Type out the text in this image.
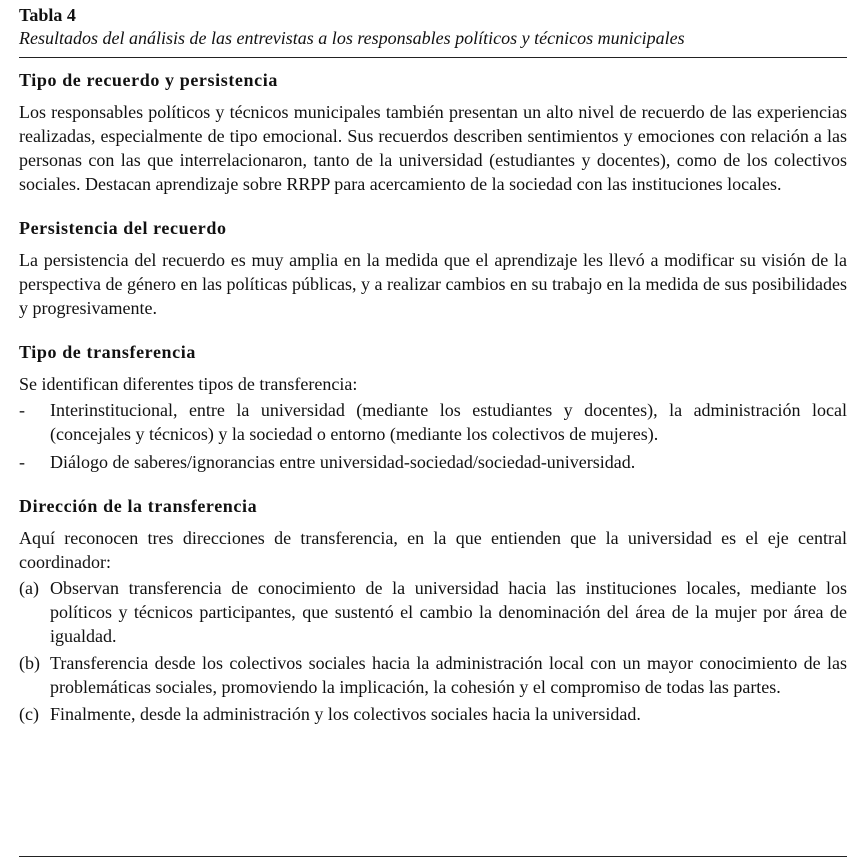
Tabla 4

Resultados del análisis de las entrevistas a los responsables políticos y técnicos municipales

Tipo de recuerdo y persistencia

Los responsables políticos y técnicos municipales también presentan un alto nivel de recuerdo de las experiencias realizadas, especialmente de tipo emocional. Sus recuerdos describen sentimientos y emociones con relación a las personas con las que interrelacionaron, tanto de la universidad (estudiantes y docentes), como de los colectivos sociales. Destacan aprendizaje sobre RRPP para acercamiento de la sociedad con las instituciones locales.

Persistencia del recuerdo

La persistencia del recuerdo es muy amplia en la medida que el aprendizaje les llevó a modificar su visión de la perspectiva de género en las políticas públicas, y a realizar cambios en su trabajo en la medida de sus posibilidades y progresivamente.

Tipo de transferencia

Se identifican diferentes tipos de transferencia:

- Interinstitucional, entre la universidad (mediante los estudiantes y docentes), la administración local (concejales y técnicos) y la sociedad o entorno (mediante los colectivos de mujeres).
- Diálogo de saberes/ignorancias entre universidad-sociedad/sociedad-universidad.
Dirección de la transferencia

Aquí reconocen tres direcciones de transferencia, en la que entienden que la universidad es el eje central coordinador:

(a) Observan transferencia de conocimiento de la universidad hacia las instituciones locales, mediante los políticos y técnicos participantes, que sustentó el cambio la denominación del área de la mujer por área de igualdad.
(b) Transferencia desde los colectivos sociales hacia la administración local con un mayor conocimiento de las problemáticas sociales, promoviendo la implicación, la cohesión y el compromiso de todas las partes.
(c) Finalmente, desde la administración y los colectivos sociales hacia la universidad.
